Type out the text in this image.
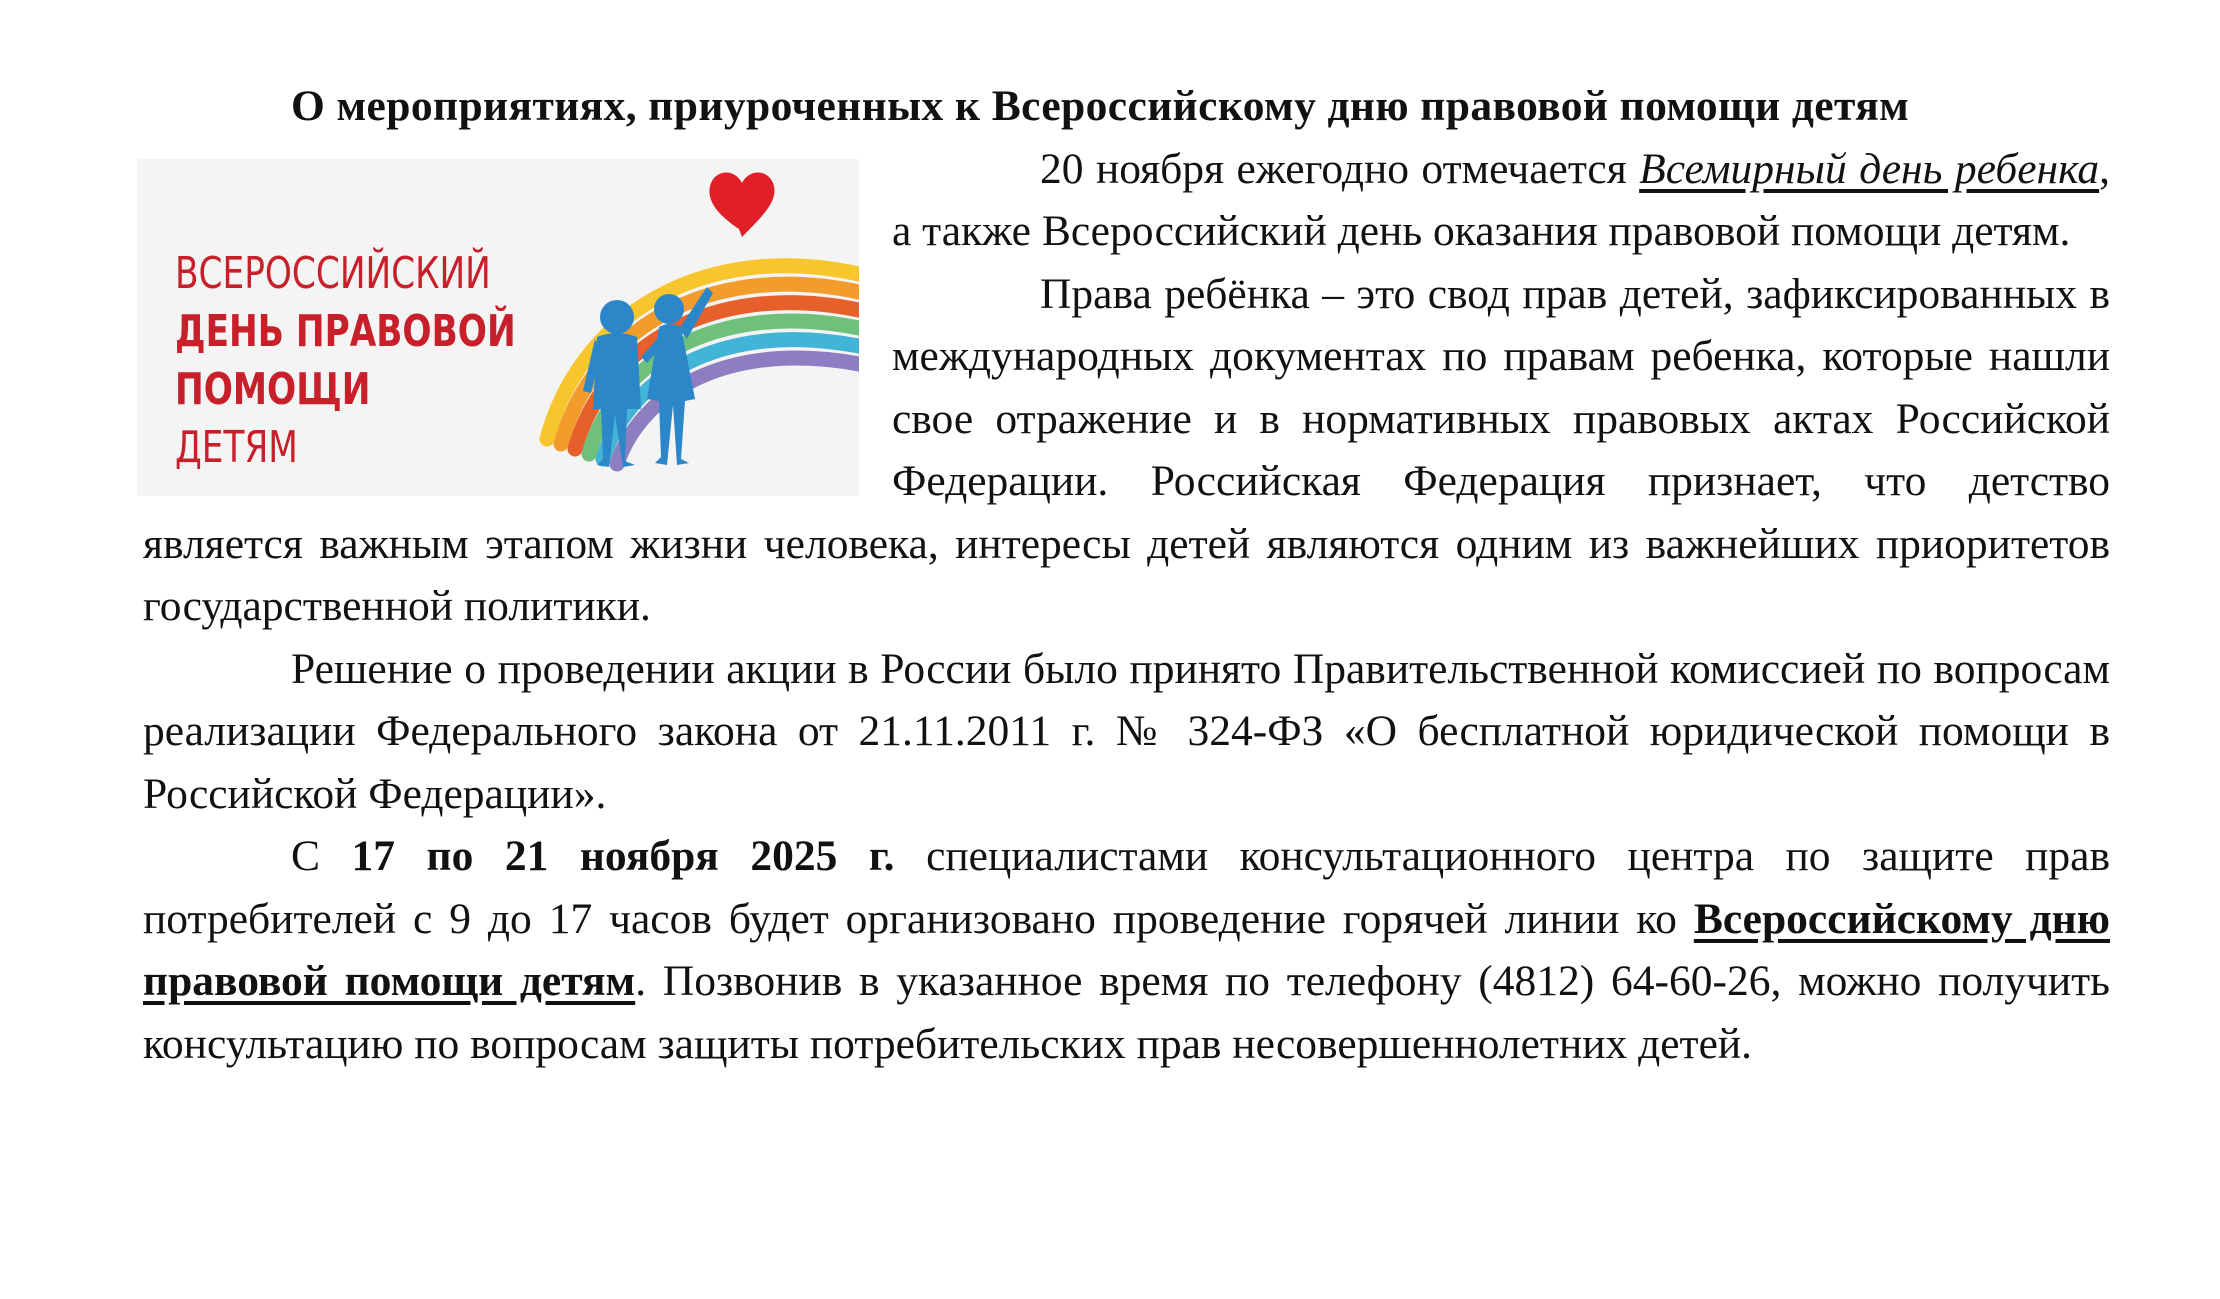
О мероприятиях, приуроченных к Всероссийскому дню правовой помощи детям

ВСЕРОССИЙСКИЙ
ДЕНЬ ПРАВОВОЙ
ПОМОЩИ
ДЕТЯМ

20 ноября ежегодно отмечается Всемирный день ребенка, а также Всероссийский день оказания правовой помощи детям.

Права ребёнка – это свод прав детей, зафиксированных в международных документах по правам ребенка, которые нашли свое отражение и в нормативных правовых актах Российской Федерации. Российская Федерация признает, что детство является важным этапом жизни человека, интересы детей являются одним из важнейших приоритетов государственной политики.

Решение о проведении акции в России было принято Правительственной комиссией по вопросам реализации Федерального закона от 21.11.2011 г. № 324-ФЗ «О бесплатной юридической помощи в Российской Федерации».

С 17 по 21 ноября 2025 г. специалистами консультационного центра по защите прав потребителей с 9 до 17 часов будет организовано проведение горячей линии ко Всероссийскому дню правовой помощи детям. Позвонив в указанное время по телефону (4812) 64-60-26, можно получить консультацию по вопросам защиты потребительских прав несовершеннолетних детей.
